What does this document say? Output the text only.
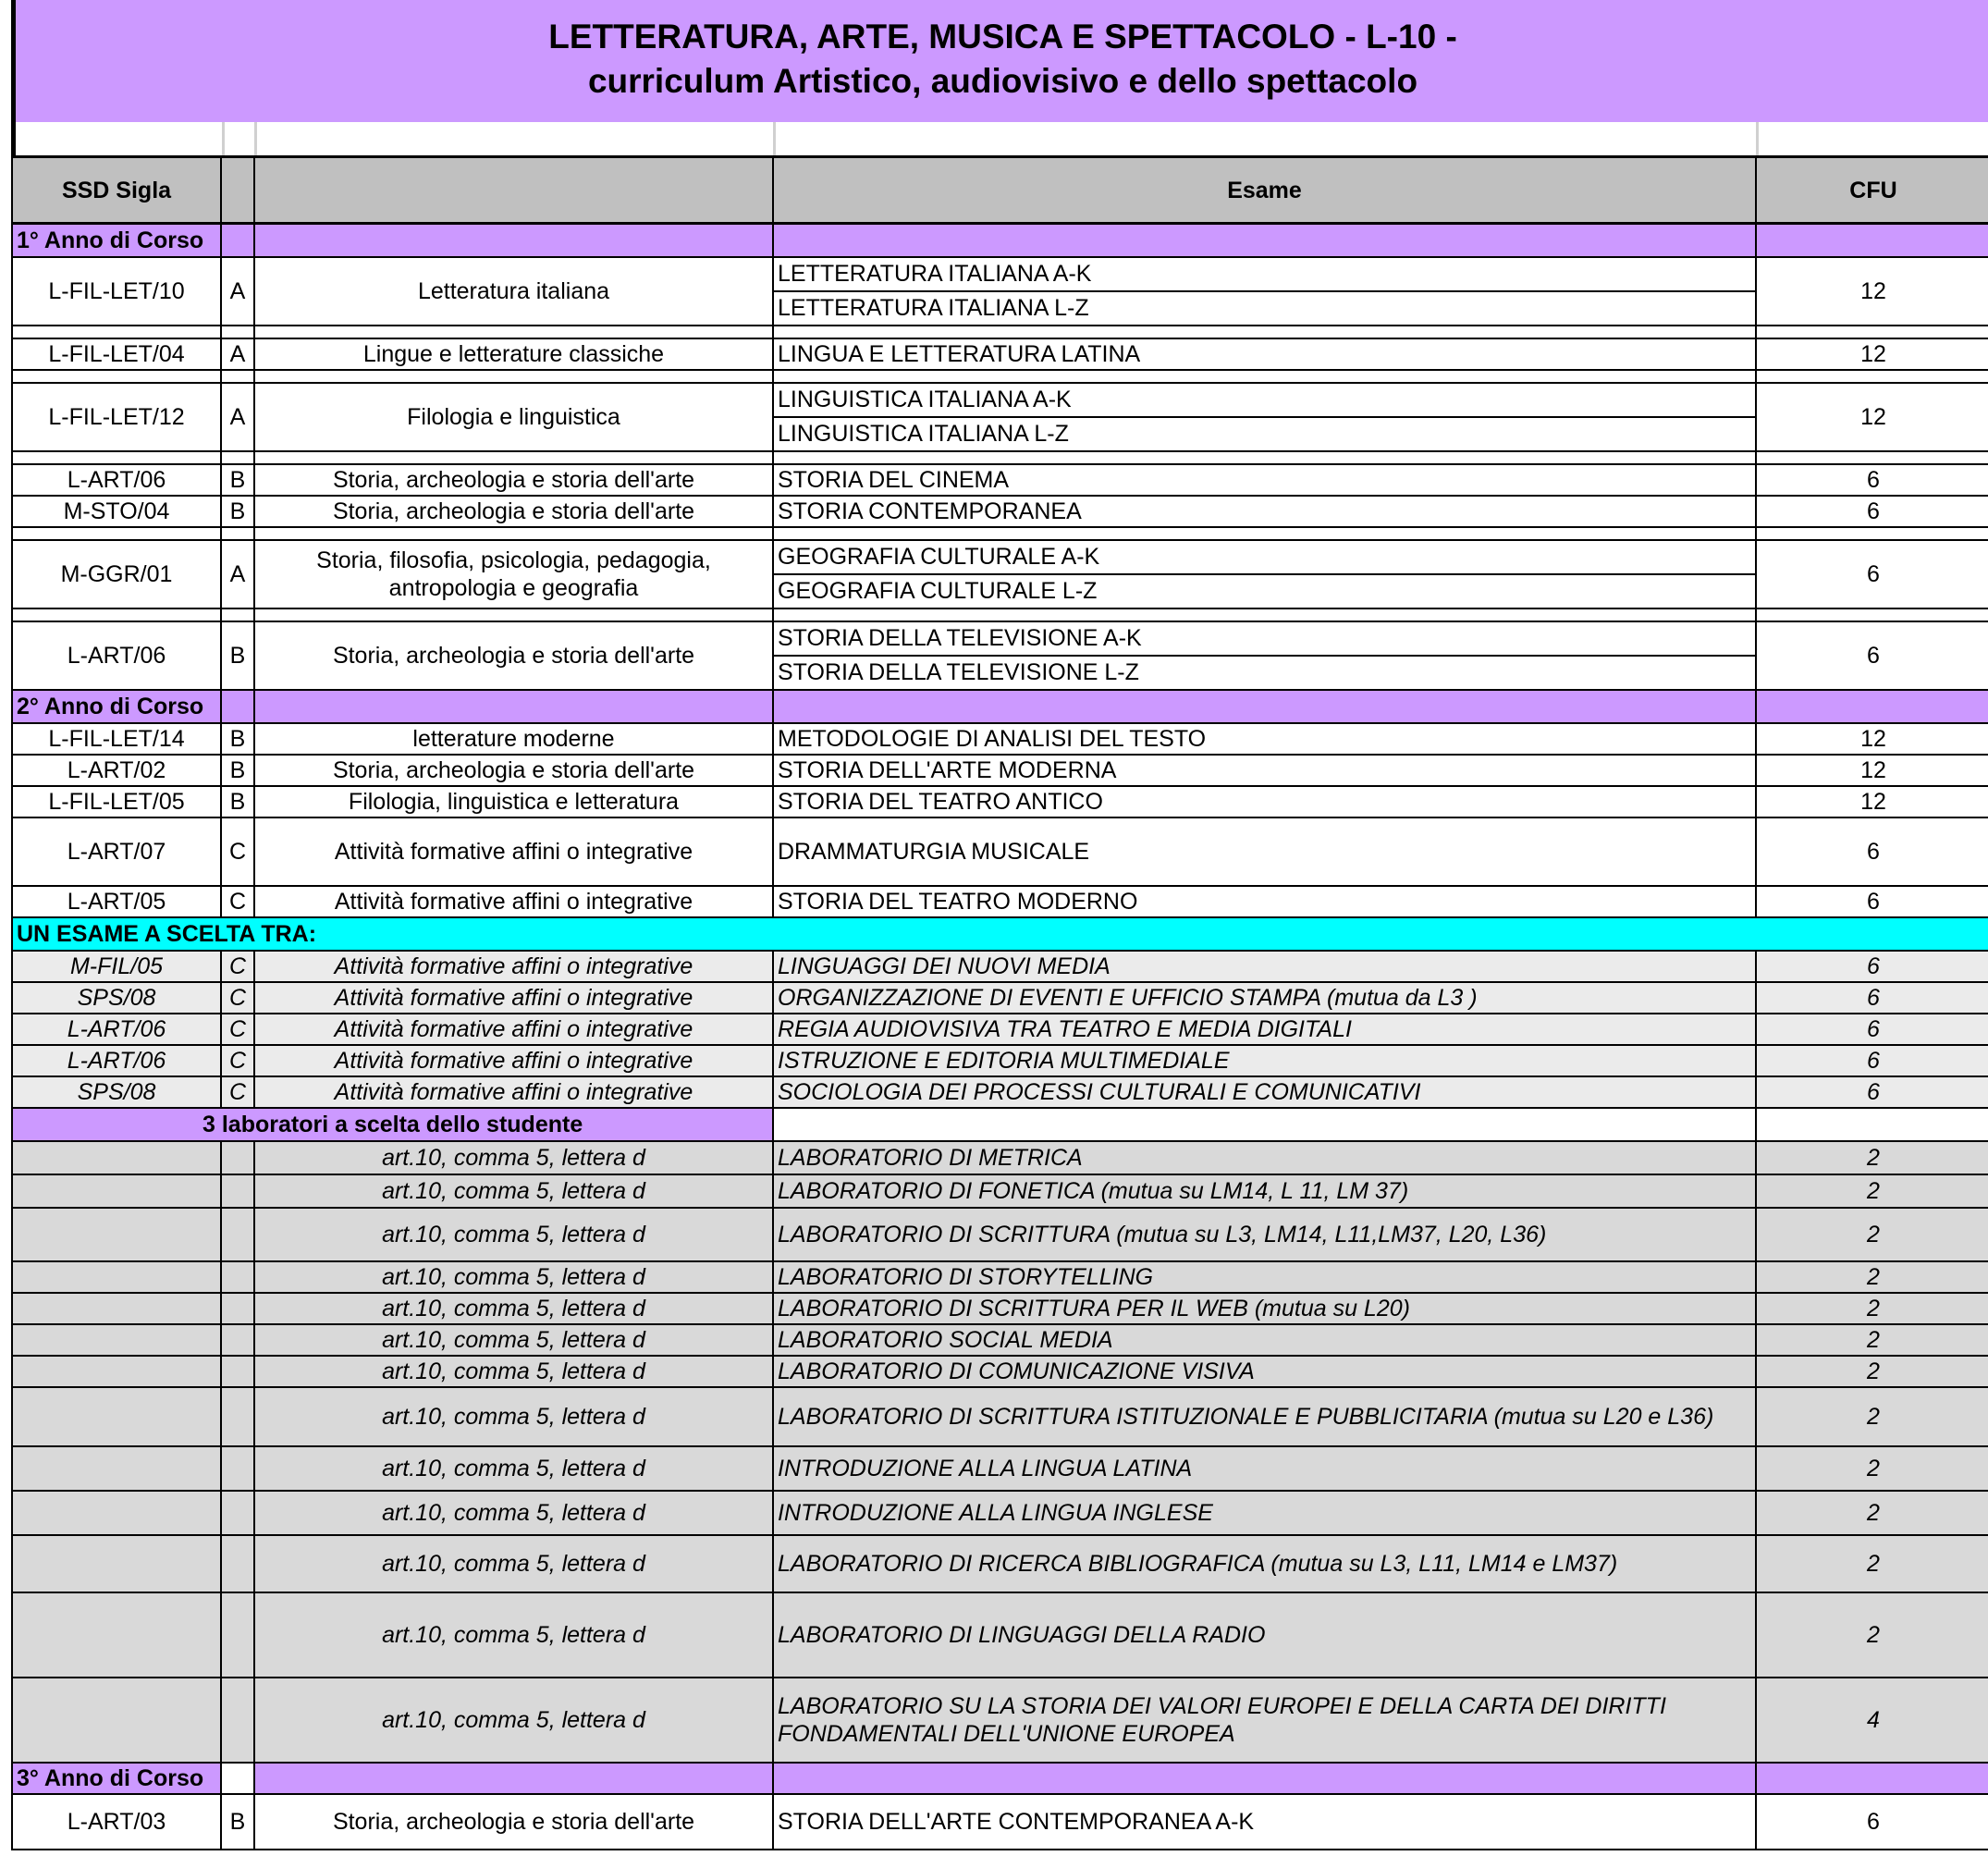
LETTERATURA, ARTE, MUSICA E SPETTACOLO - L-10 -
curriculum Artistico, audiovisivo e dello spettacolo
SSD Sigla			Esame	CFU
1° Anno di Corso				
L-FIL-LET/10	A	Letteratura italiana	LETTERATURA ITALIANA A-K
LETTERATURA ITALIANA L-Z	12

L-FIL-LET/04	A	Lingue e letterature classiche	LINGUA E LETTERATURA LATINA	12

L-FIL-LET/12	A	Filologia e linguistica	LINGUISTICA ITALIANA A-K
LINGUISTICA ITALIANA L-Z	12

L-ART/06	B	Storia, archeologia e storia dell'arte	STORIA DEL CINEMA	6
M-STO/04	B	Storia, archeologia e storia dell'arte	STORIA CONTEMPORANEA	6

M-GGR/01	A	Storia, filosofia, psicologia, pedagogia, antropologia e geografia	GEOGRAFIA CULTURALE A-K
GEOGRAFIA CULTURALE L-Z	6

L-ART/06	B	Storia, archeologia e storia dell'arte	STORIA DELLA TELEVISIONE A-K
STORIA DELLA TELEVISIONE L-Z	6
2° Anno di Corso				
L-FIL-LET/14	B	letterature moderne	METODOLOGIE DI ANALISI DEL TESTO	12
L-ART/02	B	Storia, archeologia e storia dell'arte	STORIA DELL'ARTE MODERNA	12
L-FIL-LET/05	B	Filologia, linguistica e letteratura	STORIA DEL TEATRO ANTICO	12
L-ART/07	C	Attività formative affini o integrative	DRAMMATURGIA MUSICALE	6
L-ART/05	C	Attività formative affini o integrative	STORIA DEL TEATRO MODERNO	6
UN ESAME A SCELTA TRA:				
M-FIL/05	C	Attività formative affini o integrative	LINGUAGGI DEI NUOVI MEDIA	6
SPS/08	C	Attività formative affini o integrative	ORGANIZZAZIONE DI EVENTI E UFFICIO STAMPA (mutua da L3 )	6
L-ART/06	C	Attività formative affini o integrative	REGIA AUDIOVISIVA TRA TEATRO E MEDIA DIGITALI	6
L-ART/06	C	Attività formative affini o integrative	ISTRUZIONE E EDITORIA MULTIMEDIALE	6
SPS/08	C	Attività formative affini o integrative	SOCIOLOGIA DEI PROCESSI CULTURALI E COMUNICATIVI	6
3 laboratori a scelta dello studente				
		art.10, comma 5, lettera d	LABORATORIO DI METRICA	2
		art.10, comma 5, lettera d	LABORATORIO DI FONETICA (mutua su LM14, L 11, LM 37)	2
		art.10, comma 5, lettera d	LABORATORIO DI SCRITTURA (mutua su L3, LM14, L11,LM37, L20, L36)	2
		art.10, comma 5, lettera d	LABORATORIO DI STORYTELLING	2
		art.10, comma 5, lettera d	LABORATORIO DI SCRITTURA PER IL WEB (mutua su L20)	2
		art.10, comma 5, lettera d	LABORATORIO SOCIAL MEDIA	2
		art.10, comma 5, lettera d	LABORATORIO DI COMUNICAZIONE VISIVA	2
		art.10, comma 5, lettera d	LABORATORIO DI SCRITTURA ISTITUZIONALE E PUBBLICITARIA (mutua su L20 e L36)	2
		art.10, comma 5, lettera d	INTRODUZIONE ALLA LINGUA LATINA	2
		art.10, comma 5, lettera d	INTRODUZIONE ALLA LINGUA INGLESE	2
		art.10, comma 5, lettera d	LABORATORIO DI RICERCA BIBLIOGRAFICA (mutua su L3, L11, LM14 e LM37)	2
		art.10, comma 5, lettera d	LABORATORIO DI LINGUAGGI DELLA RADIO	2
		art.10, comma 5, lettera d	LABORATORIO SU LA STORIA DEI VALORI EUROPEI E DELLA CARTA DEI DIRITTI FONDAMENTALI DELL'UNIONE EUROPEA	4
3° Anno di Corso				
L-ART/03	B	Storia, archeologia e storia dell'arte	STORIA DELL'ARTE CONTEMPORANEA A-K	6
